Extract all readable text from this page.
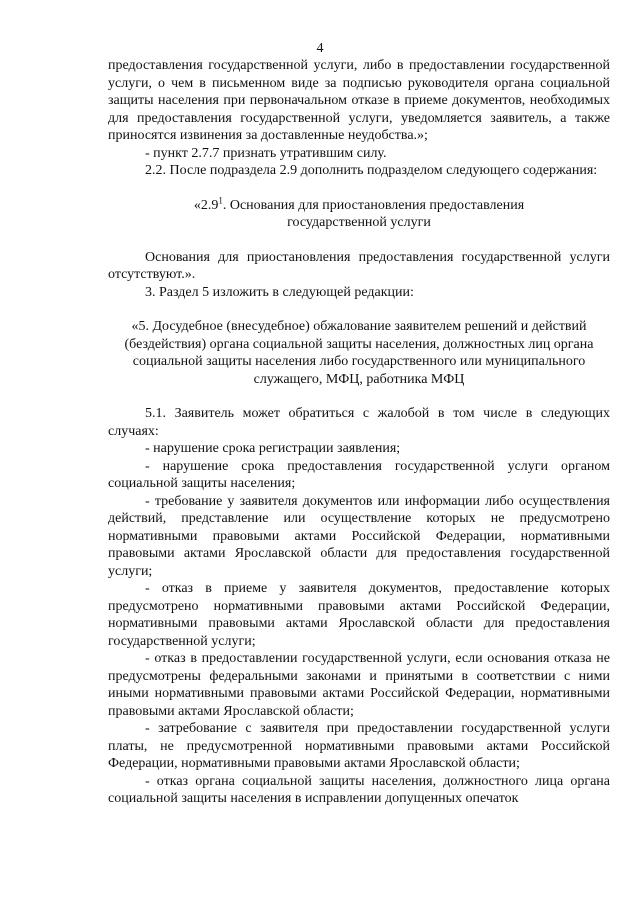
4

предоставления государственной услуги, либо в предоставлении государственной услуги, о чем в письменном виде за подписью руководителя органа социальной защиты населения при первоначальном отказе в приеме документов, необходимых для предоставления государственной услуги, уведомляется заявитель, а также приносятся извинения за доставленные неудобства.»;

- пункт 2.7.7 признать утратившим силу.

2.2. После подраздела 2.9 дополнить подразделом следующего содержания:

«$2.9^1$. Основания для приостановления предоставления государственной услуги

Основания для приостановления предоставления государственной услуги отсутствуют.».

3. Раздел 5 изложить в следующей редакции:

«5. Досудебное (внесудебное) обжалование заявителем решений и действий (бездействия) органа социальной защиты населения, должностных лиц органа социальной защиты населения либо государственного или муниципального служащего, МФЦ, работника МФЦ

5.1. Заявитель может обратиться с жалобой в том числе в следующих случаях:

- нарушение срока регистрации заявления;

- нарушение срока предоставления государственной услуги органом социальной защиты населения;

- требование у заявителя документов или информации либо осуществления действий, представление или осуществление которых не предусмотрено нормативными правовыми актами Российской Федерации, нормативными правовыми актами Ярославской области для предоставления государственной услуги;

- отказ в приеме у заявителя документов, предоставление которых предусмотрено нормативными правовыми актами Российской Федерации, нормативными правовыми актами Ярославской области для предоставления государственной услуги;

- отказ в предоставлении государственной услуги, если основания отказа не предусмотрены федеральными законами и принятыми в соответствии с ними иными нормативными правовыми актами Российской Федерации, нормативными правовыми актами Ярославской области;

- затребование с заявителя при предоставлении государственной услуги платы, не предусмотренной нормативными правовыми актами Российской Федерации, нормативными правовыми актами Ярославской области;

- отказ органа социальной защиты населения, должностного лица органа социальной защиты населения в исправлении допущенных опечаток
